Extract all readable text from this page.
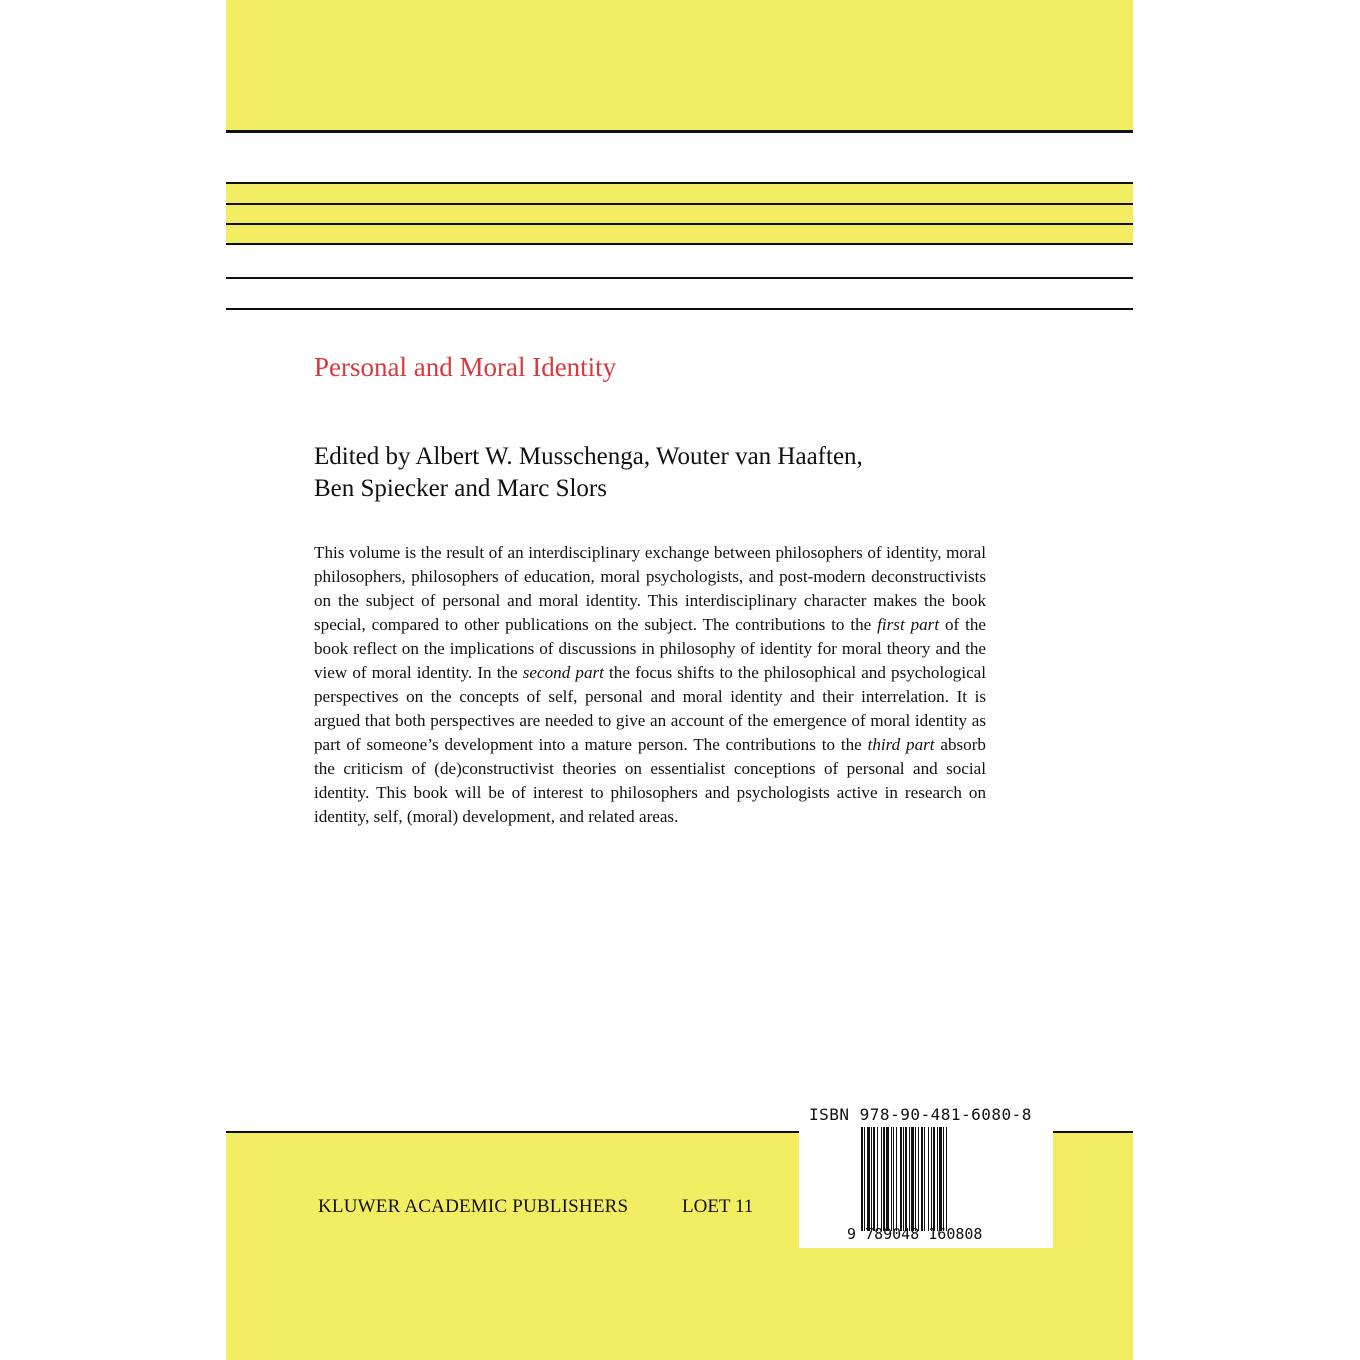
Personal and Moral Identity
Edited by Albert W. Musschenga, Wouter van Haaften,
Ben Spiecker and Marc Slors
This volume is the result of an interdisciplinary exchange between philosophers of identity, moral philosophers, philosophers of education, moral psychologists, and post-modern deconstructivists on the subject of personal and moral identity. This interdisciplinary character makes the book special, compared to other publications on the subject. The contributions to the first part of the book reflect on the implications of discussions in philosophy of identity for moral theory and the view of moral identity. In the second part the focus shifts to the philosophical and psychological perspectives on the concepts of self, personal and moral identity and their interrelation. It is argued that both perspectives are needed to give an account of the emergence of moral identity as part of someone’s development into a mature person. The contributions to the third part absorb the criticism of (de)constructivist theories on essentialist conceptions of personal and social identity. This book will be of interest to philosophers and psychologists active in research on identity, self, (moral) development, and related areas.
KLUWER ACADEMIC PUBLISHERS	LOET 11
ISBN 978-90-481-6080-8
9 789048 160808
